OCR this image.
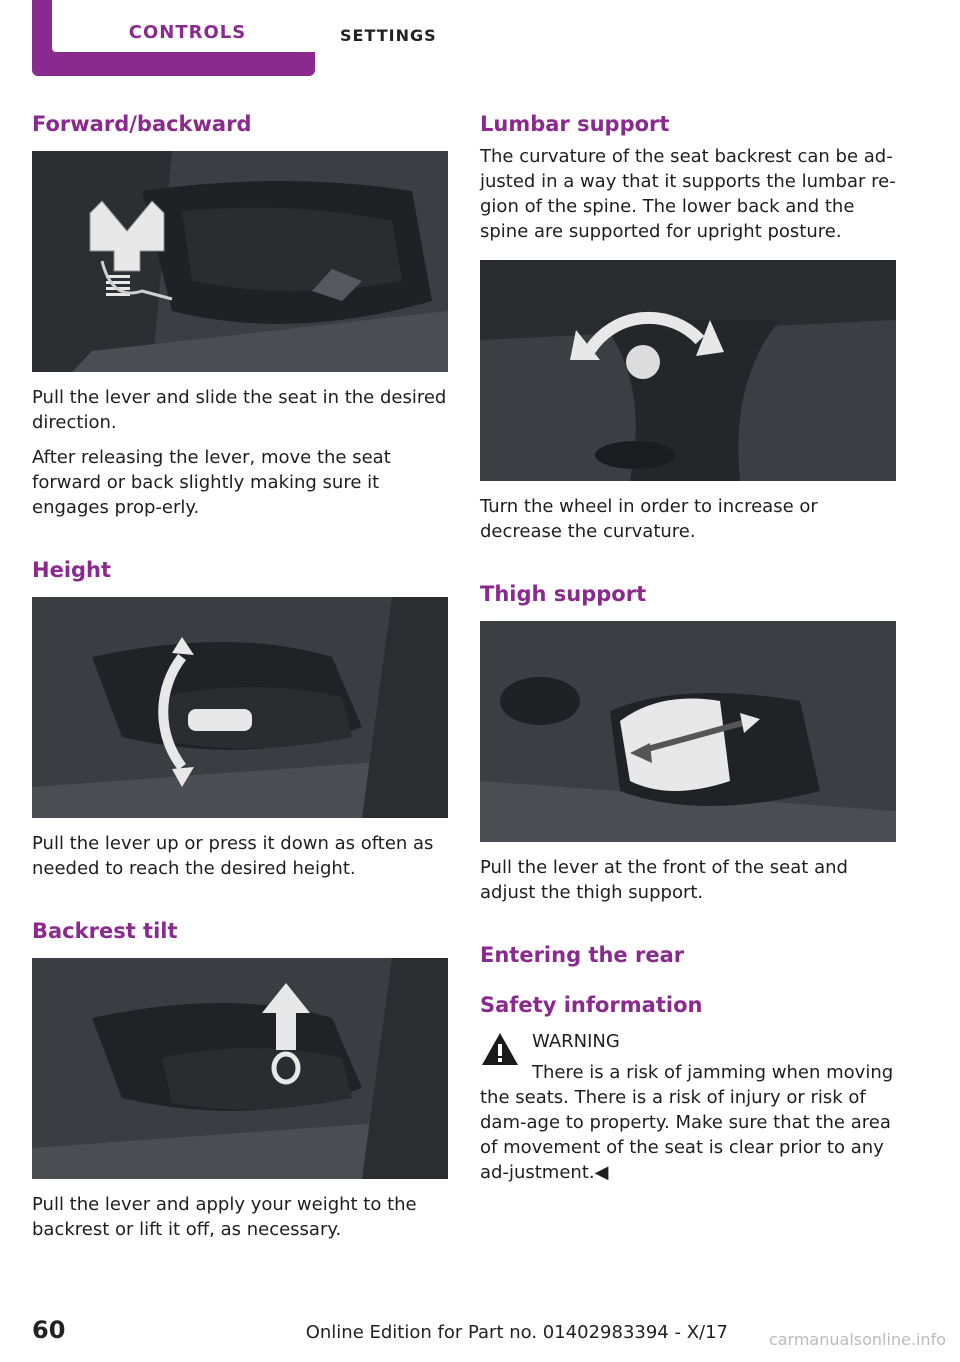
CONTROLS	SETTINGS
Forward/backward

Pull the lever and slide the seat in the desired direction.

After releasing the lever, move the seat forward or back slightly making sure it engages prop‐erly.

Height

Pull the lever up or press it down as often as needed to reach the desired height.

Backrest tilt

Pull the lever and apply your weight to the backrest or lift it off, as necessary.

Lumbar support

The curvature of the seat backrest can be ad‐justed in a way that it supports the lumbar re‐gion of the spine. The lower back and the spine are supported for upright posture.

Turn the wheel in order to increase or decrease the curvature.

Thigh support

Pull the lever at the front of the seat and adjust the thigh support.

Entering the rear
Safety information

WARNING

There is a risk of jamming when moving the seats. There is a risk of injury or risk of dam‐age to property. Make sure that the area of movement of the seat is clear prior to any ad‐justment.◀

60	Online Edition for Part no. 01402983394 - X/17	carmanualsonline.info
